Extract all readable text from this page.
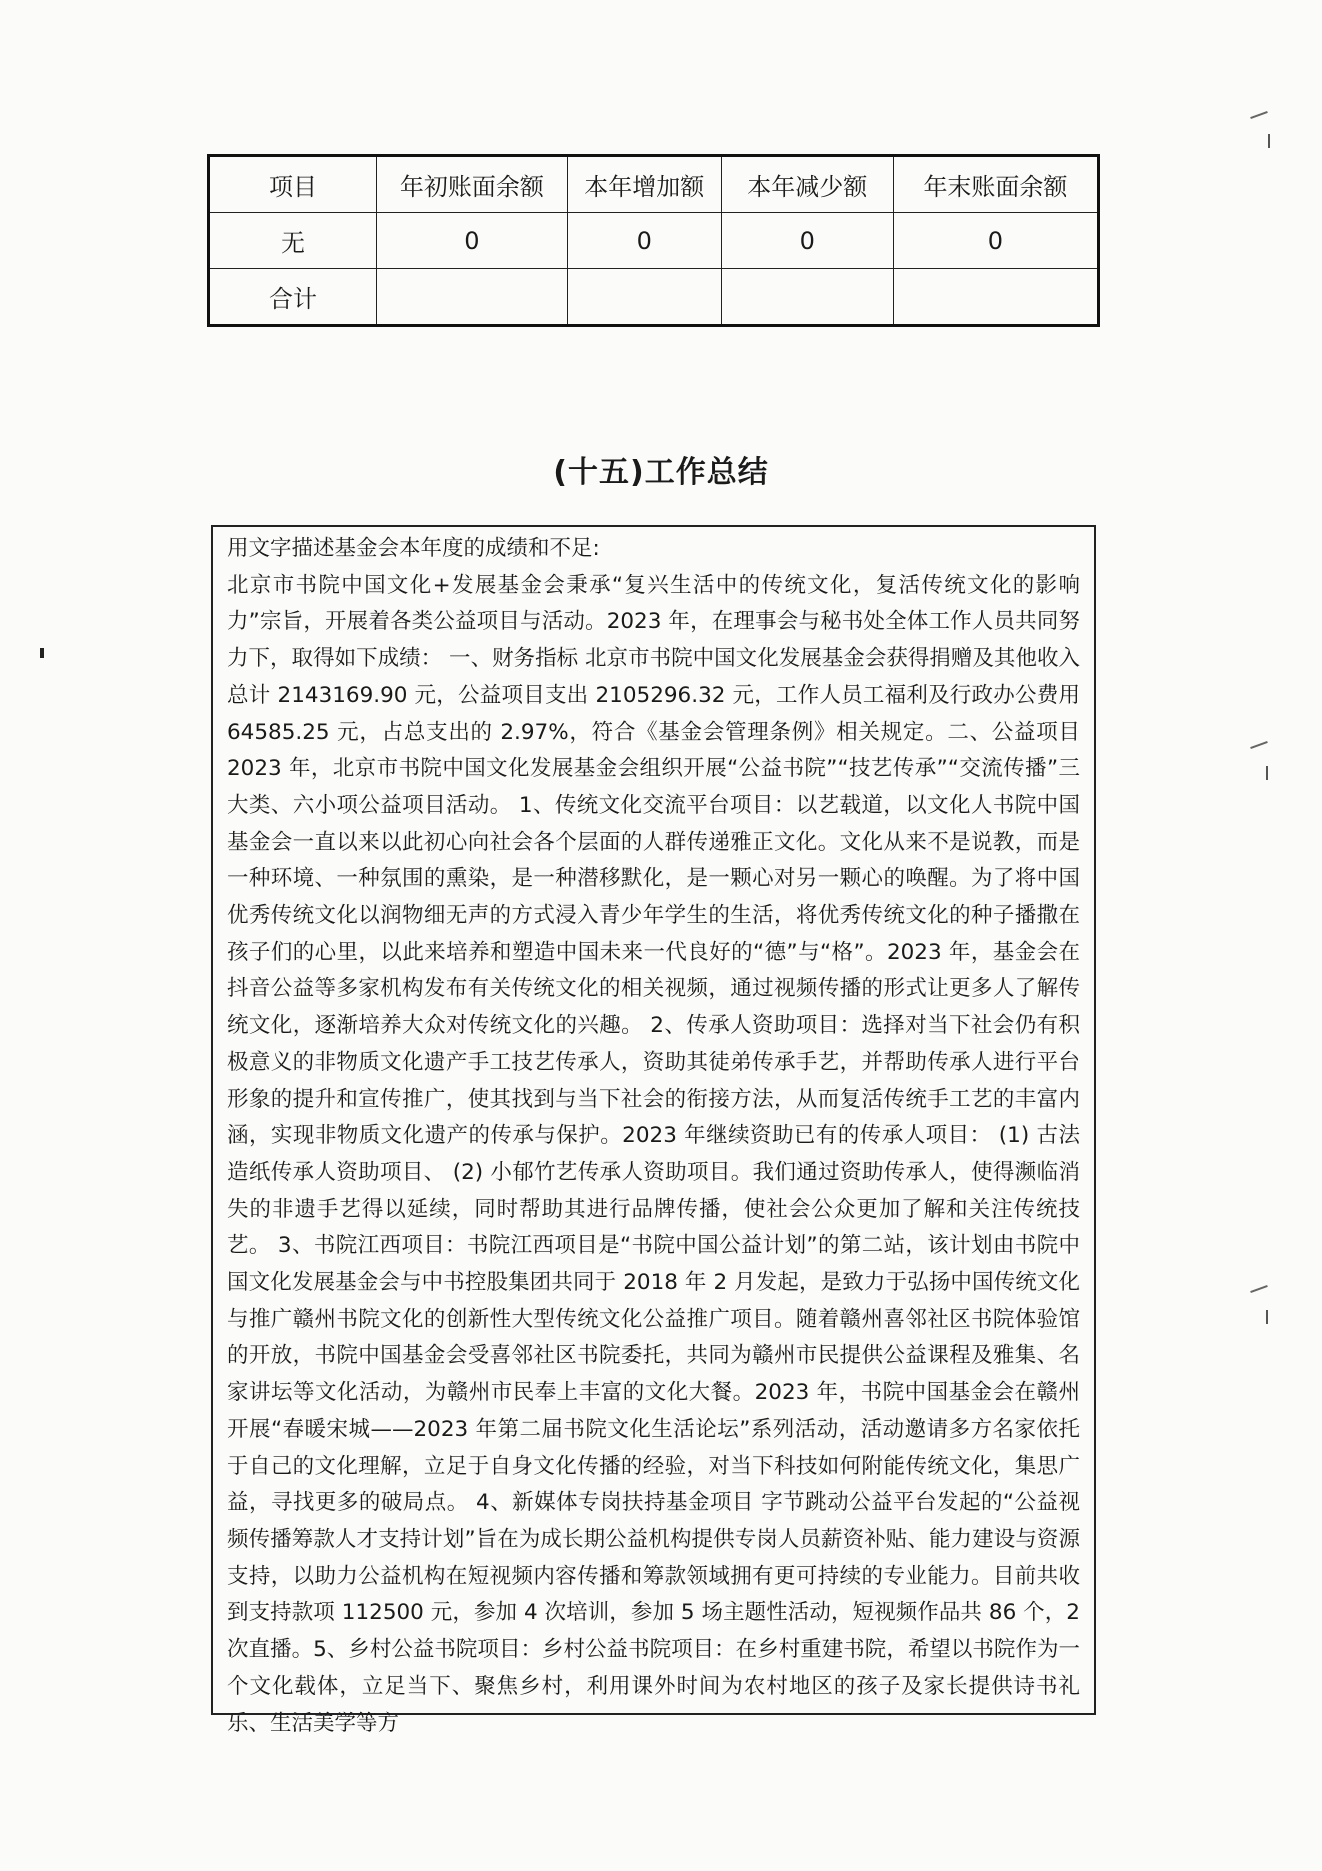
项目	年初账面余额	本年增加额	本年减少额	年末账面余额
无	0	0	0	0
合计				
(十五)工作总结

用文字描述基金会本年度的成绩和不足:

北京市书院中国文化+发展基金会秉承“复兴生活中的传统文化，复活传统文化的影响力”宗旨，开展着各类公益项目与活动。2023 年，在理事会与秘书处全体工作人员共同努力下，取得如下成绩： 一、财务指标 北京市书院中国文化发展基金会获得捐赠及其他收入总计 2143169.90 元，公益项目支出 2105296.32 元，工作人员工福利及行政办公费用 64585.25 元，占总支出的 2.97%，符合《基金会管理条例》相关规定。二、公益项目 2023 年，北京市书院中国文化发展基金会组织开展“公益书院”“技艺传承”“交流传播”三大类、六小项公益项目活动。 1、传统文化交流平台项目：以艺载道，以文化人书院中国基金会一直以来以此初心向社会各个层面的人群传递雅正文化。文化从来不是说教，而是一种环境、一种氛围的熏染，是一种潜移默化，是一颗心对另一颗心的唤醒。为了将中国优秀传统文化以润物细无声的方式浸入青少年学生的生活，将优秀传统文化的种子播撒在孩子们的心里，以此来培养和塑造中国未来一代良好的“德”与“格”。2023 年，基金会在抖音公益等多家机构发布有关传统文化的相关视频，通过视频传播的形式让更多人了解传统文化，逐渐培养大众对传统文化的兴趣。 2、传承人资助项目：选择对当下社会仍有积极意义的非物质文化遗产手工技艺传承人，资助其徒弟传承手艺，并帮助传承人进行平台形象的提升和宣传推广，使其找到与当下社会的衔接方法，从而复活传统手工艺的丰富内涵，实现非物质文化遗产的传承与保护。2023 年继续资助已有的传承人项目： (1) 古法造纸传承人资助项目、 (2) 小郁竹艺传承人资助项目。我们通过资助传承人，使得濒临消失的非遗手艺得以延续，同时帮助其进行品牌传播，使社会公众更加了解和关注传统技艺。 3、书院江西项目：书院江西项目是“书院中国公益计划”的第二站，该计划由书院中国文化发展基金会与中书控股集团共同于 2018 年 2 月发起，是致力于弘扬中国传统文化与推广赣州书院文化的创新性大型传统文化公益推广项目。随着赣州喜邻社区书院体验馆的开放，书院中国基金会受喜邻社区书院委托，共同为赣州市民提供公益课程及雅集、名家讲坛等文化活动，为赣州市民奉上丰富的文化大餐。2023 年，书院中国基金会在赣州开展“春暖宋城——2023 年第二届书院文化生活论坛”系列活动，活动邀请多方名家依托于自己的文化理解，立足于自身文化传播的经验，对当下科技如何附能传统文化，集思广益，寻找更多的破局点。 4、新媒体专岗扶持基金项目 字节跳动公益平台发起的“公益视频传播筹款人才支持计划”旨在为成长期公益机构提供专岗人员薪资补贴、能力建设与资源支持，以助力公益机构在短视频内容传播和筹款领域拥有更可持续的专业能力。目前共收到支持款项 112500 元，参加 4 次培训，参加 5 场主题性活动，短视频作品共 86 个，2 次直播。5、乡村公益书院项目：乡村公益书院项目：在乡村重建书院，希望以书院作为一个文化载体，立足当下、聚焦乡村，利用课外时间为农村地区的孩子及家长提供诗书礼乐、生活美学等方
